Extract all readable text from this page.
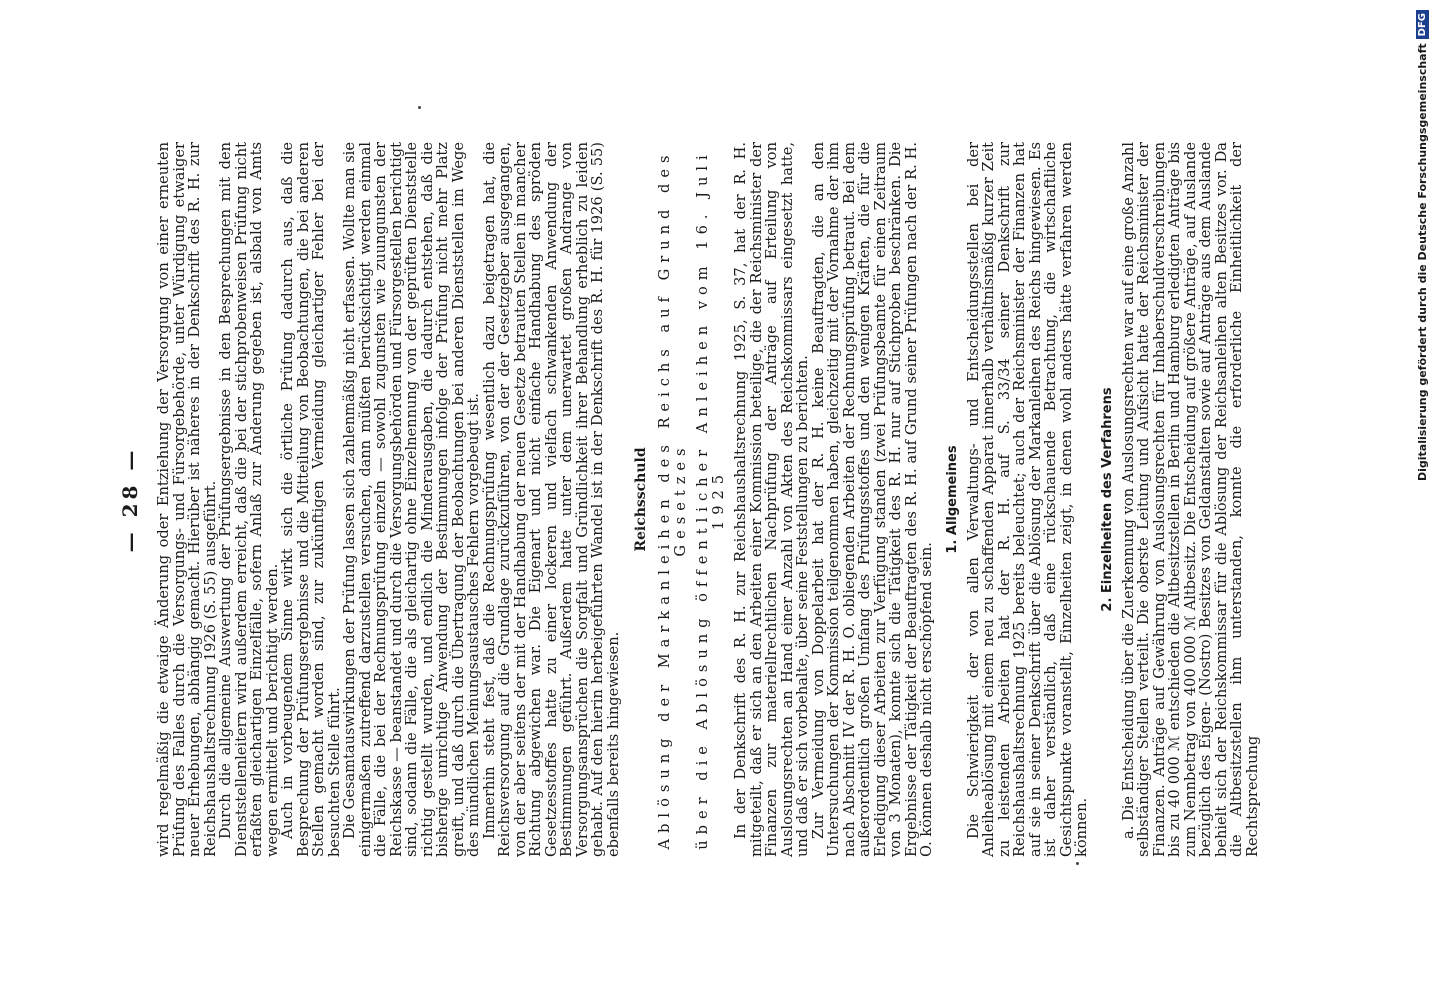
— 28 — wird regelmäßig die etwaige Änderung oder Entziehung der Versorgung von einer erneuten Prüfung des Falles durch die Versorgungs- und Fürsorgebehörde, unter Würdigung etwaiger neuer Erhebungen, abhängig gemacht. Hierüber ist näheres in der Denkschrift des R. H. zur Reichshaushaltsrechnung 1926 (S. 55) ausgeführt.

Durch die allgemeine Auswertung der Prüfungsergebnisse in den Besprechungen mit den Dienststellenleitern wird außerdem erreicht, daß die bei der stichprobenweisen Prüfung nicht erfaßten gleichartigen Einzelfälle, sofern Anlaß zur Änderung gegeben ist, alsbald von Amts wegen ermittelt und berichtigt werden.

Auch in vorbeugendem Sinne wirkt sich die örtliche Prüfung dadurch aus, daß die Besprechung der Prüfungsergebnisse und die Mitteilung von Beobachtungen, die bei anderen Stellen gemacht worden sind, zur zukünftigen Vermeidung gleichartiger Fehler bei der besuchten Stelle führt.

Die Gesamtauswirkungen der Prüfung lassen sich zahlenmäßig nicht erfassen. Wollte man sie einigermaßen zutreffend darzustellen versuchen, dann müßten berücksichtigt werden einmal die Fälle, die bei der Rechnungsprüfung einzeln — sowohl zugunsten wie zuungunsten der Reichskasse — beanstandet und durch die Versorgungsbehörden und Fürsorgestellen berichtigt sind, sodann die Fälle, die als gleichartig ohne Einzelnennung von der geprüften Dienststelle richtig gestellt wurden, und endlich die Minderausgaben, die dadurch entstehen, daß die bisherige unrichtige Anwendung der Bestimmungen infolge der Prüfung nicht mehr Platz greift, und daß durch die Übertragung der Beobachtungen bei anderen Dienststellen im Wege des mündlichen Meinungsaustausches Fehlern vorgebeugt ist.

Immerhin steht fest, daß die Rechnungsprüfung wesentlich dazu beigetragen hat, die Reichsversorgung auf die Grundlage zurückzuführen, von der der Gesetzgeber ausgegangen, von der aber seitens der mit der Handhabung der neuen Gesetze betrauten Stellen in mancher Richtung abgewichen war. Die Eigenart und nicht einfache Handhabung des spröden Gesetzesstoffes hatte zu einer lockeren und vielfach schwankenden Anwendung der Bestimmungen geführt. Außerdem hatte unter dem unerwartet großen Andrange von Versorgungsansprüchen die Sorgfalt und Gründlichkeit ihrer Behandlung erheblich zu leiden gehabt. Auf den hierin herbeigeführten Wandel ist in der Denkschrift des R. H. für 1926 (S. 55) ebenfalls bereits hingewiesen.

Reichsschuld Ablösung der Markanleihen des Reichs auf Grund des Gesetzes über die Ablösung öffentlicher Anleihen vom 16. Juli 1925 In der Denkschrift des R. H. zur Reichshaushaltsrechnung 1925, S. 37, hat der R. H. mitgeteilt, daß er sich an den Arbeiten einer Kommission beteilige, die der Reichsminister der Finanzen zur materiellrechtlichen Nachprüfung der Anträge auf Erteilung von Auslosungsrechten an Hand einer Anzahl von Akten des Reichskommissars eingesetzt hatte, und daß er sich vorbehalte, über seine Feststellungen zu berichten.

Zur Vermeidung von Doppelarbeit hat der R. H. keine Beauftragten, die an den Untersuchungen der Kommission teilgenommen haben, gleichzeitig mit der Vornahme der ihm nach Abschnitt IV der R. H. O. obliegenden Arbeiten der Rechnungsprüfung betraut. Bei dem außerordentlich großen Umfang des Prüfungsstoffes und den wenigen Kräften, die für die Erledigung dieser Arbeiten zur Verfügung standen (zwei Prüfungsbeamte für einen Zeitraum von 3 Monaten), konnte sich die Tätigkeit des R. H. nur auf Stichproben beschränken. Die Ergebnisse der Tätigkeit der Beauftragten des R. H. auf Grund seiner Prüfungen nach der R. H. O. können deshalb nicht erschöpfend sein.

1. Allgemeines Die Schwierigkeit der von allen Verwaltungs- und Entscheidungsstellen bei der Anleiheablösung mit einem neu zu schaffenden Apparat innerhalb verhältnismäßig kurzer Zeit zu leistenden Arbeiten hat der R. H. auf S. 33/34 seiner Denkschrift zur Reichshaushaltsrechnung 1925 bereits beleuchtet; auch der Reichsminister der Finanzen hat auf sie in seiner Denkschrift über die Ablösung der Markanleihen des Reichs hingewiesen. Es ist daher verständlich, daß eine rückschauende Betrachtung, die wirtschaftliche Gesichtspunkte voranstellt, Einzelheiten zeigt, in denen wohl anders hätte verfahren werden können.

2. Einzelheiten des Verfahrens a. Die Entscheidung über die Zuerkennung von Auslosungsrechten war auf eine große Anzahl selbständiger Stellen verteilt. Die oberste Leitung und Aufsicht hatte der Reichsminister der Finanzen. Anträge auf Gewährung von Auslosungsrechten für Inhaberschuldverschreibungen bis zu 40 000 ℳ entschieden die Altbesitzstellen in Berlin und Hamburg erledigten Anträge bis zum Nennbetrag von 400 000 ℳ Altbesitz. Die Entscheidung auf größere Anträge, auf Auslande bezüglich des Eigen- (Nostro) Besitzes von Geldanstalten sowie auf Anträge aus dem Auslande behielt sich der Reichskommissar für die Ablösung der Reichsanleihen alten Besitzes vor. Da die Altbesitzstellen ihm unterstanden, konnte die erforderliche Einheitlichkeit der Rechtsprechung

Digitalisierung gefördert durch die Deutsche Forschungsgemeinschaft
DFG
